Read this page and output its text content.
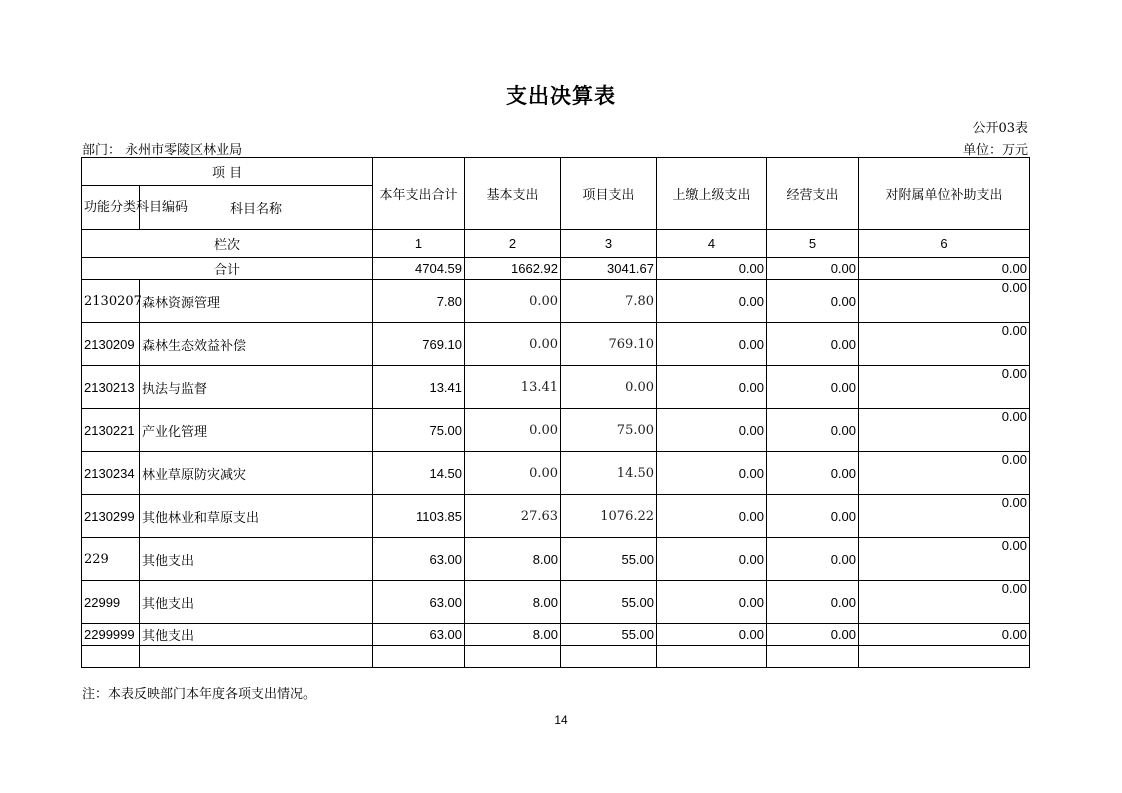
支出决算表
公开03表
部门： 永州市零陵区林业局	单位：万元
项 目		本年支出合计	基本支出	项目支出	上缴上级支出	经营支出	对附属单位补助支出
功能分类科目编码	科目名称						
栏次		1	2	3	4	5	6
合计		4704.59	1662.92	3041.67	0.00	0.00	0.00
2130207	森林资源管理	7.80	0.00	7.80	0.00	0.00	0.00
2130209	森林生态效益补偿	769.10	0.00	769.10	0.00	0.00	0.00
2130213	执法与监督	13.41	13.41	0.00	0.00	0.00	0.00
2130221	产业化管理	75.00	0.00	75.00	0.00	0.00	0.00
2130234	林业草原防灾减灾	14.50	0.00	14.50	0.00	0.00	0.00
2130299	其他林业和草原支出	1103.85	27.63	1076.22	0.00	0.00	0.00
229	其他支出	63.00	8.00	55.00	0.00	0.00	0.00
22999	其他支出	63.00	8.00	55.00	0.00	0.00	0.00
2299999	其他支出	63.00	8.00	55.00	0.00	0.00	0.00

注：本表反映部门本年度各项支出情况。
14
